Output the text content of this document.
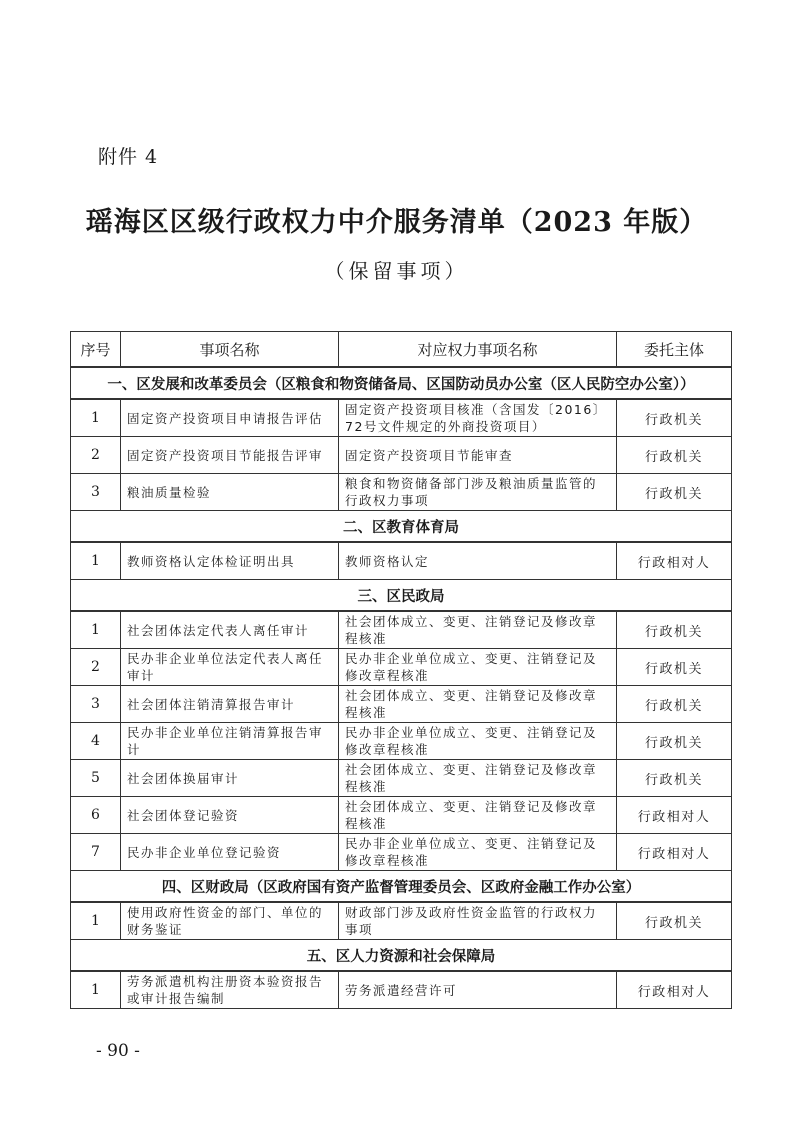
附件 4
瑶海区区级行政权力中介服务清单（2023 年版）
（保留事项）
序号	事项名称	对应权力事项名称	委托主体
一、区发展和改革委员会（区粮食和物资储备局、区国防动员办公室（区人民防空办公室））			
1	固定资产投资项目申请报告评估	固定资产投资项目核准（含国发〔2016〕72号文件规定的外商投资项目）	行政机关
2	固定资产投资项目节能报告评审	固定资产投资项目节能审查	行政机关
3	粮油质量检验	粮食和物资储备部门涉及粮油质量监管的行政权力事项	行政机关
二、区教育体育局			
1	教师资格认定体检证明出具	教师资格认定	行政相对人
三、区民政局			
1	社会团体法定代表人离任审计	社会团体成立、变更、注销登记及修改章程核准	行政机关
2	民办非企业单位法定代表人离任审计	民办非企业单位成立、变更、注销登记及修改章程核准	行政机关
3	社会团体注销清算报告审计	社会团体成立、变更、注销登记及修改章程核准	行政机关
4	民办非企业单位注销清算报告审计	民办非企业单位成立、变更、注销登记及修改章程核准	行政机关
5	社会团体换届审计	社会团体成立、变更、注销登记及修改章程核准	行政机关
6	社会团体登记验资	社会团体成立、变更、注销登记及修改章程核准	行政相对人
7	民办非企业单位登记验资	民办非企业单位成立、变更、注销登记及修改章程核准	行政相对人
四、区财政局（区政府国有资产监督管理委员会、区政府金融工作办公室）			
1	使用政府性资金的部门、单位的财务鉴证	财政部门涉及政府性资金监管的行政权力事项	行政机关
五、区人力资源和社会保障局			
1	劳务派遣机构注册资本验资报告或审计报告编制	劳务派遣经营许可	行政相对人
- 90 -
